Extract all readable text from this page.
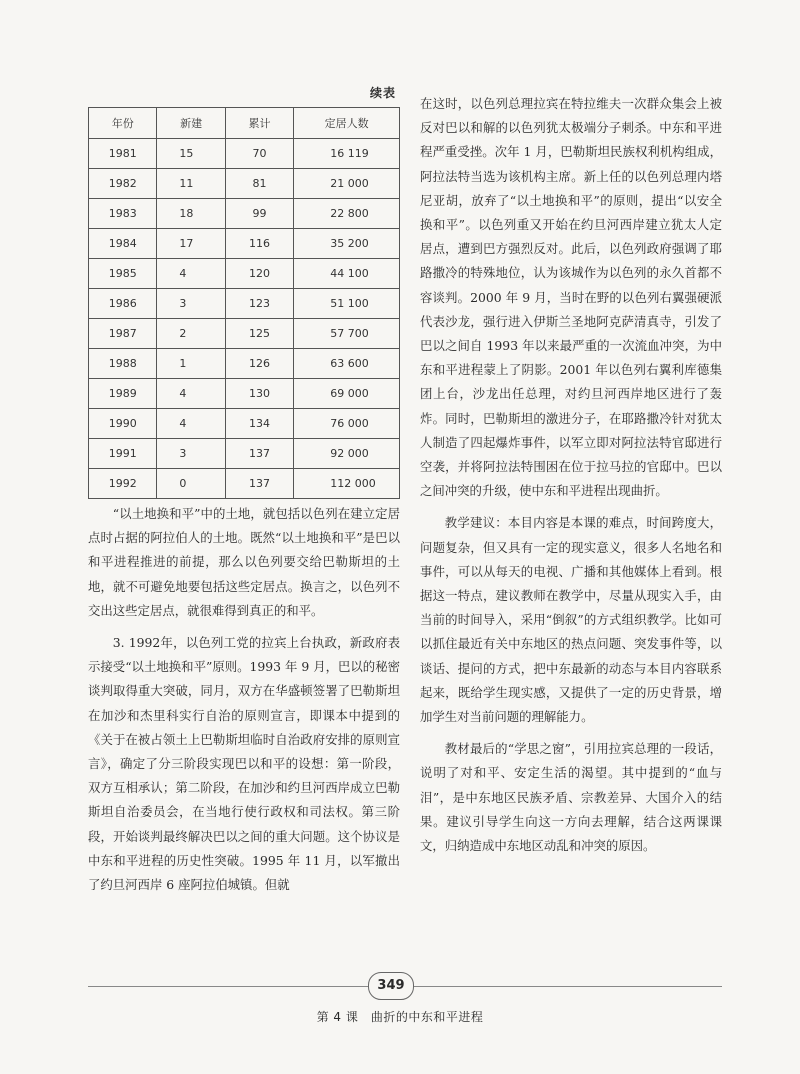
续表
年份	新建	累计	定居人数
1981	15	70	16 119
1982	11	81	21 000
1983	18	99	22 800
1984	17	116	35 200
1985	4	120	44 100
1986	3	123	51 100
1987	2	125	57 700
1988	1	126	63 600
1989	4	130	69 000
1990	4	134	76 000
1991	3	137	92 000
1992	0	137	112 000

“以土地换和平”中的土地，就包括以色列在建立定居点时占据的阿拉伯人的土地。既然“以土地换和平”是巴以和平进程推进的前提，那么以色列要交给巴勒斯坦的土地，就不可避免地要包括这些定居点。换言之，以色列不交出这些定居点，就很难得到真正的和平。

3. 1992年，以色列工党的拉宾上台执政，新政府表示接受“以土地换和平”原则。1993 年 9 月，巴以的秘密谈判取得重大突破，同月，双方在华盛顿签署了巴勒斯坦在加沙和杰里科实行自治的原则宣言，即课本中提到的《关于在被占领土上巴勒斯坦临时自治政府安排的原则宣言》，确定了分三阶段实现巴以和平的设想：第一阶段，双方互相承认；第二阶段，在加沙和约旦河西岸成立巴勒斯坦自治委员会，在当地行使行政权和司法权。第三阶段，开始谈判最终解决巴以之间的重大问题。这个协议是中东和平进程的历史性突破。1995 年 11 月，以军撤出了约旦河西岸 6 座阿拉伯城镇。但就

在这时，以色列总理拉宾在特拉维夫一次群众集会上被反对巴以和解的以色列犹太极端分子刺杀。中东和平进程严重受挫。次年 1 月，巴勒斯坦民族权利机构组成，阿拉法特当选为该机构主席。新上任的以色列总理内塔尼亚胡，放弃了“以土地换和平”的原则，提出“以安全换和平”。以色列重又开始在约旦河西岸建立犹太人定居点，遭到巴方强烈反对。此后，以色列政府强调了耶路撒冷的特殊地位，认为该城作为以色列的永久首都不容谈判。2000 年 9 月，当时在野的以色列右翼强硬派代表沙龙，强行进入伊斯兰圣地阿克萨清真寺，引发了巴以之间自 1993 年以来最严重的一次流血冲突，为中东和平进程蒙上了阴影。2001 年以色列右翼利库德集团上台，沙龙出任总理，对约旦河西岸地区进行了轰炸。同时，巴勒斯坦的激进分子，在耶路撒冷针对犹太人制造了四起爆炸事件，以军立即对阿拉法特官邸进行空袭，并将阿拉法特围困在位于拉马拉的官邸中。巴以之间冲突的升级，使中东和平进程出现曲折。

教学建议：本目内容是本课的难点，时间跨度大，问题复杂，但又具有一定的现实意义，很多人名地名和事件，可以从每天的电视、广播和其他媒体上看到。根据这一特点，建议教师在教学中，尽量从现实入手，由当前的时间导入，采用“倒叙”的方式组织教学。比如可以抓住最近有关中东地区的热点问题、突发事件等，以谈话、提问的方式，把中东最新的动态与本目内容联系起来，既给学生现实感，又提供了一定的历史背景，增加学生对当前问题的理解能力。

教材最后的“学思之窗”，引用拉宾总理的一段话，说明了对和平、安定生活的渴望。其中提到的“血与泪”，是中东地区民族矛盾、宗教差异、大国介入的结果。建议引导学生向这一方向去理解，结合这两课课文，归纳造成中东地区动乱和冲突的原因。

349
第 4 课　曲折的中东和平进程
